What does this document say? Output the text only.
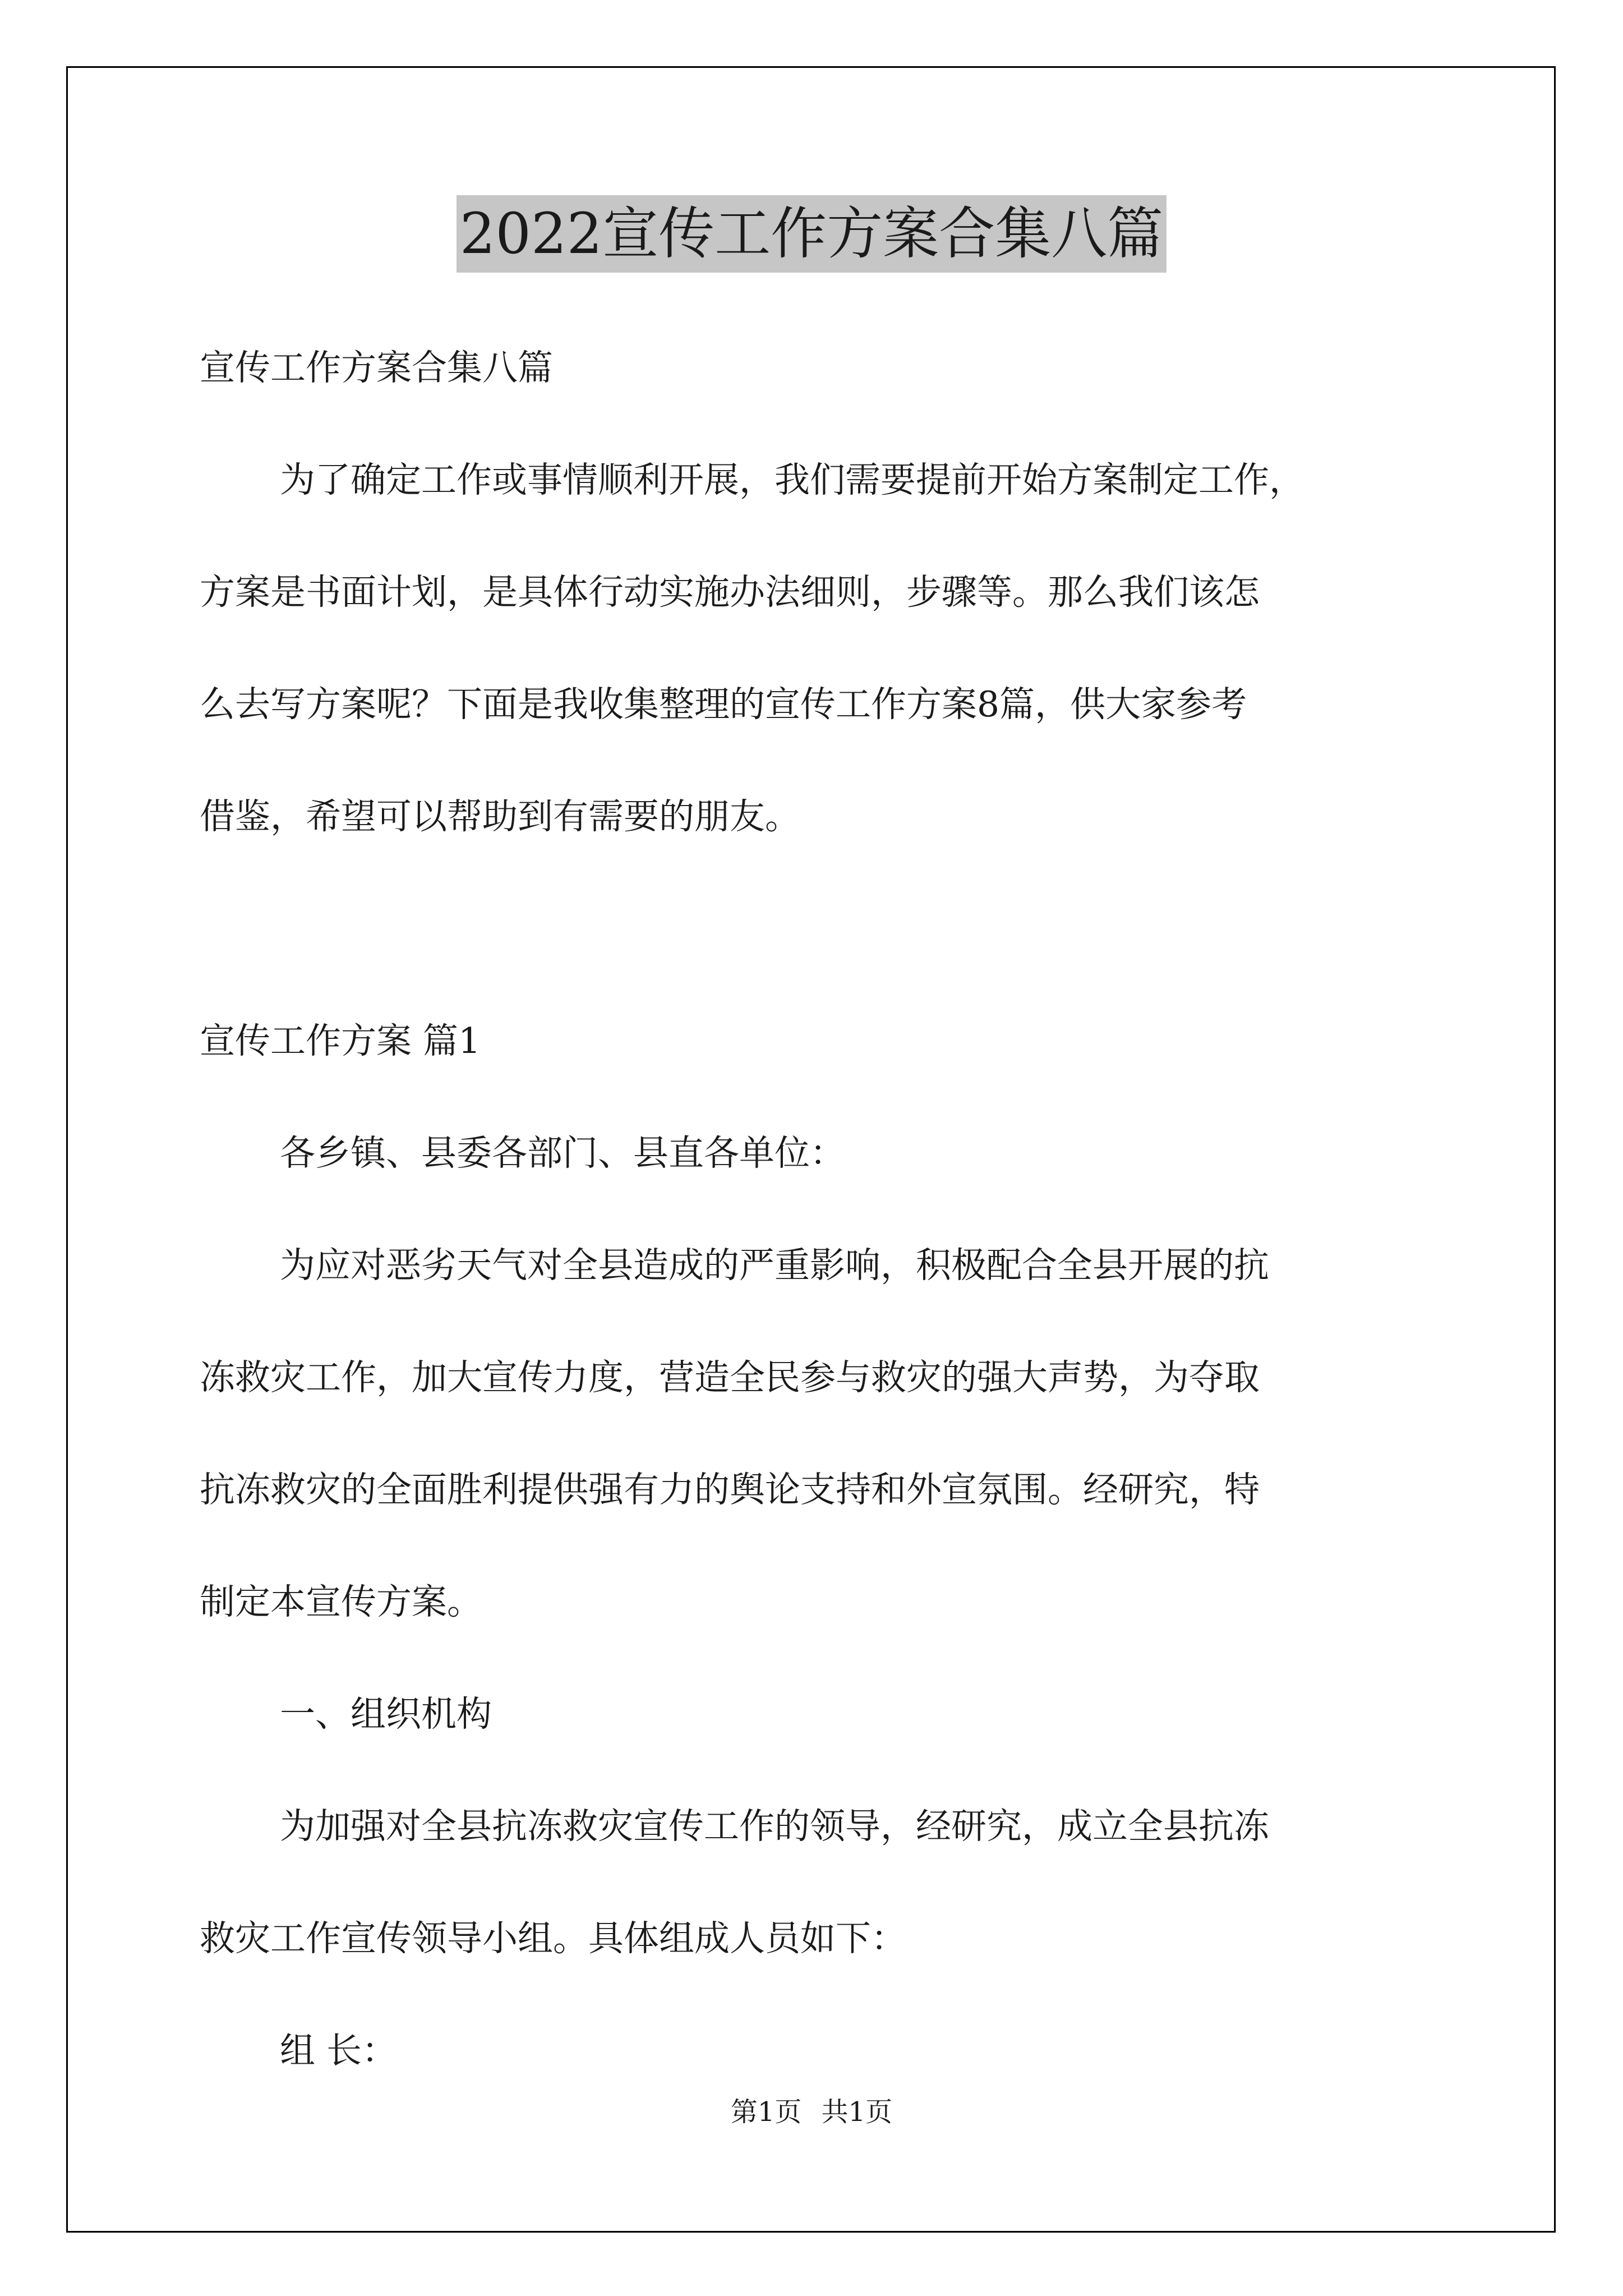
2022宣传工作方案合集八篇

宣传工作方案合集八篇

为了确定工作或事情顺利开展，我们需要提前开始方案制定工作，

方案是书面计划，是具体行动实施办法细则，步骤等。那么我们该怎

么去写方案呢？下面是我收集整理的宣传工作方案8篇，供大家参考

借鉴，希望可以帮助到有需要的朋友。

宣传工作方案 篇1

各乡镇、县委各部门、县直各单位：

为应对恶劣天气对全县造成的严重影响，积极配合全县开展的抗

冻救灾工作，加大宣传力度，营造全民参与救灾的强大声势，为夺取

抗冻救灾的全面胜利提供强有力的舆论支持和外宣氛围。经研究，特

制定本宣传方案。

一、组织机构

为加强对全县抗冻救灾宣传工作的领导，经研究，成立全县抗冻

救灾工作宣传领导小组。具体组成人员如下：

组 长：

第1页 共1页
